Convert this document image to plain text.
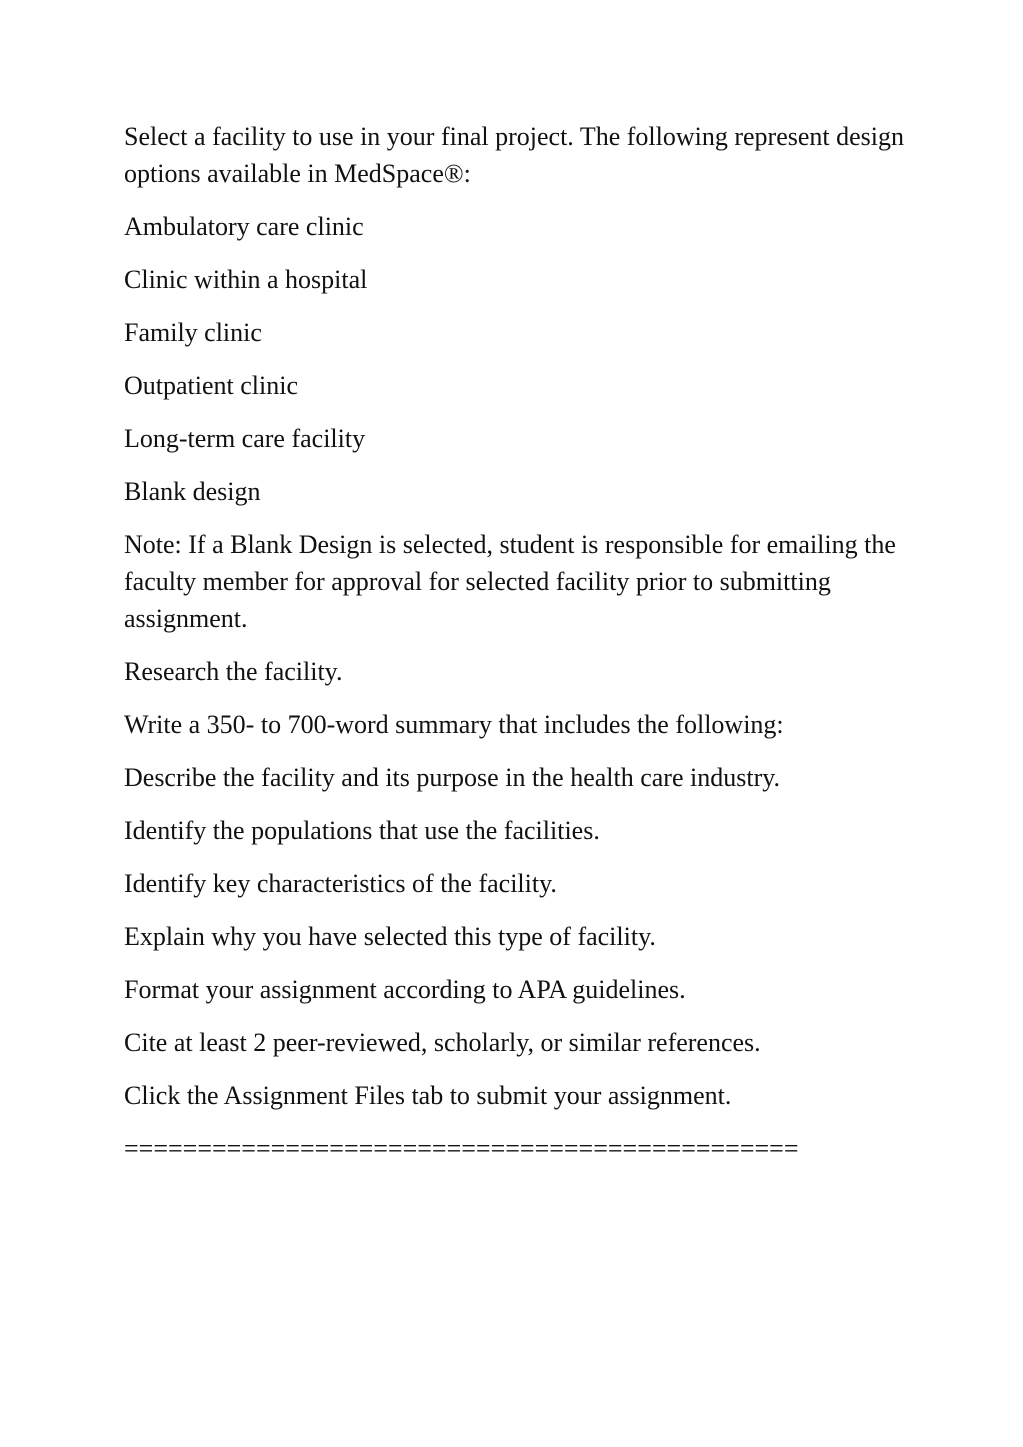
Select a facility to use in your final project. The following represent design options available in MedSpace®:

Ambulatory care clinic

Clinic within a hospital

Family clinic

Outpatient clinic

Long-term care facility

Blank design

Note: If a Blank Design is selected, student is responsible for emailing the faculty member for approval for selected facility prior to submitting assignment.

Research the facility.

Write a 350- to 700-word summary that includes the following:

Describe the facility and its purpose in the health care industry.

Identify the populations that use the facilities.

Identify key characteristics of the facility.

Explain why you have selected this type of facility.

Format your assignment according to APA guidelines.

Cite at least 2 peer-reviewed, scholarly, or similar references.

Click the Assignment Files tab to submit your assignment.

==============================================
